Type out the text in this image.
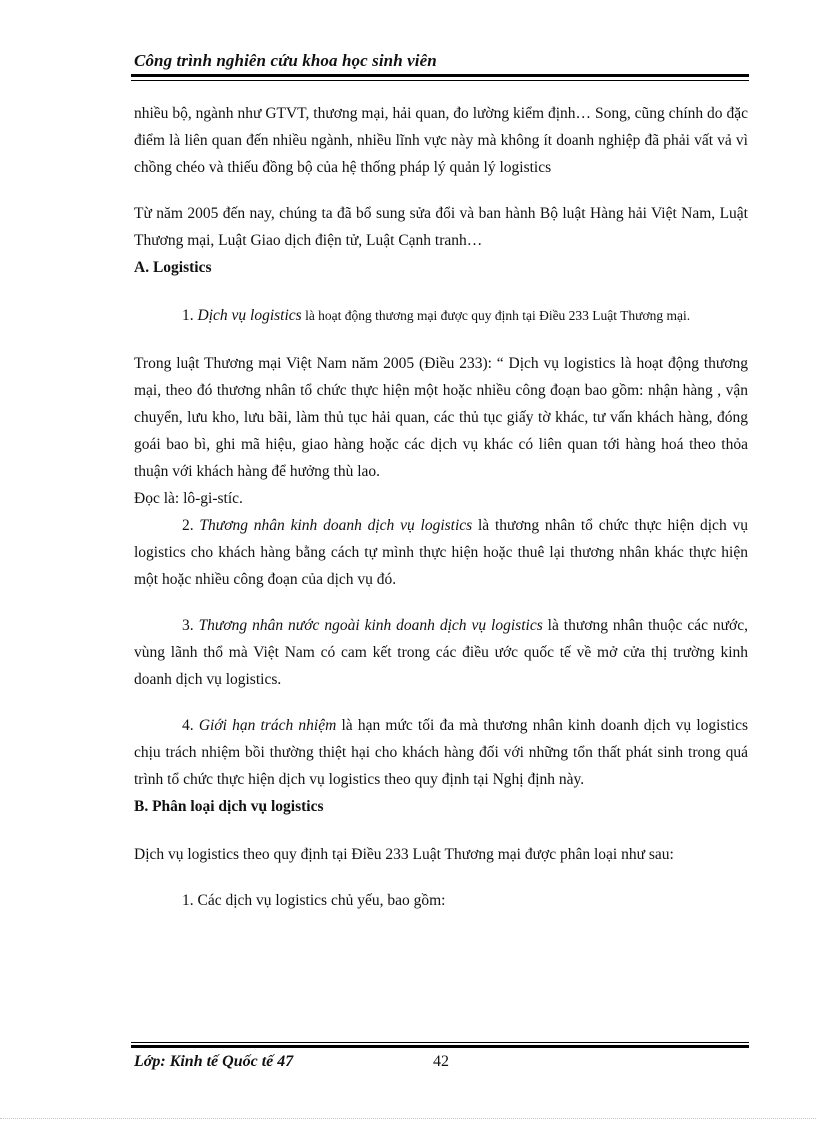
Công trình nghiên cứu khoa học sinh viên

nhiều bộ, ngành như GTVT, thương mại, hải quan, đo lường kiểm định… Song, cũng chính do đặc điểm là liên quan đến nhiều ngành, nhiều lĩnh vực này mà không ít doanh nghiệp đã phải vất vả vì chồng chéo và thiếu đồng bộ của hệ thống pháp lý quản lý logistics

Từ năm 2005 đến nay, chúng ta đã bổ sung sửa đổi và ban hành Bộ luật Hàng hải Việt Nam, Luật Thương mại, Luật Giao dịch điện tử, Luật Cạnh tranh…

A. Logistics

1. Dịch vụ logistics là hoạt động thương mại được quy định tại Điều 233 Luật Thương mại.

Trong luật Thương mại Việt Nam năm 2005 (Điều 233): “ Dịch vụ logistics là hoạt động thương mại, theo đó thương nhân tổ chức thực hiện một hoặc nhiều công đoạn bao gồm: nhận hàng , vận chuyển, lưu kho, lưu bãi, làm thủ tục hải quan, các thủ tục giấy tờ khác, tư vấn khách hàng, đóng goái bao bì, ghi mã hiệu, giao hàng hoặc các dịch vụ khác có liên quan tới hàng hoá theo thỏa thuận với khách hàng để hưởng thù lao.

Đọc là: lô-gi-stíc.

2. Thương nhân kinh doanh dịch vụ logistics là thương nhân tổ chức thực hiện dịch vụ logistics cho khách hàng bằng cách tự mình thực hiện hoặc thuê lại thương nhân khác thực hiện một hoặc nhiều công đoạn của dịch vụ đó.

3. Thương nhân nước ngoài kinh doanh dịch vụ logistics là thương nhân thuộc các nước, vùng lãnh thổ mà Việt Nam có cam kết trong các điều ước quốc tế về mở cửa thị trường kinh doanh dịch vụ logistics.

4. Giới hạn trách nhiệm là hạn mức tối đa mà thương nhân kinh doanh dịch vụ logistics chịu trách nhiệm bồi thường thiệt hại cho khách hàng đối với những tổn thất phát sinh trong quá trình tổ chức thực hiện dịch vụ logistics theo quy định tại Nghị định này.

B. Phân loại dịch vụ logistics

Dịch vụ logistics theo quy định tại Điều 233 Luật Thương mại được phân loại như sau:

1. Các dịch vụ logistics chủ yếu, bao gồm:

Lớp: Kinh tế Quốc tế 47	42
